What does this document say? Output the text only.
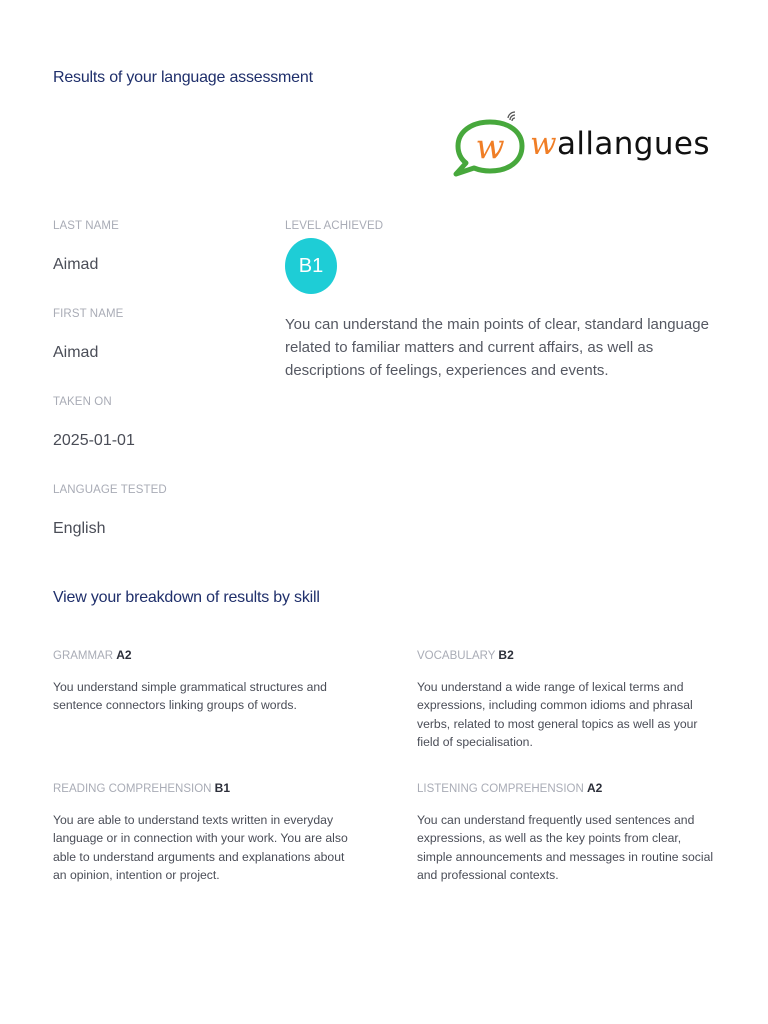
Results of your language assessment
w wallangues
LAST NAME
Aimad
FIRST NAME
Aimad
TAKEN ON
2025-01-01
LANGUAGE TESTED
English
LEVEL ACHIEVED
B1
You can understand the main points of clear, standard language related to familiar matters and current affairs, as well as descriptions of feelings, experiences and events.
View your breakdown of results by skill
GRAMMAR A2
You understand simple grammatical structures and sentence connectors linking groups of words.
VOCABULARY B2
You understand a wide range of lexical terms and expressions, including common idioms and phrasal verbs, related to most general topics as well as your field of specialisation.
READING COMPREHENSION B1
You are able to understand texts written in everyday language or in connection with your work. You are also able to understand arguments and explanations about an opinion, intention or project.
LISTENING COMPREHENSION A2
You can understand frequently used sentences and expressions, as well as the key points from clear, simple announcements and messages in routine social and professional contexts.
